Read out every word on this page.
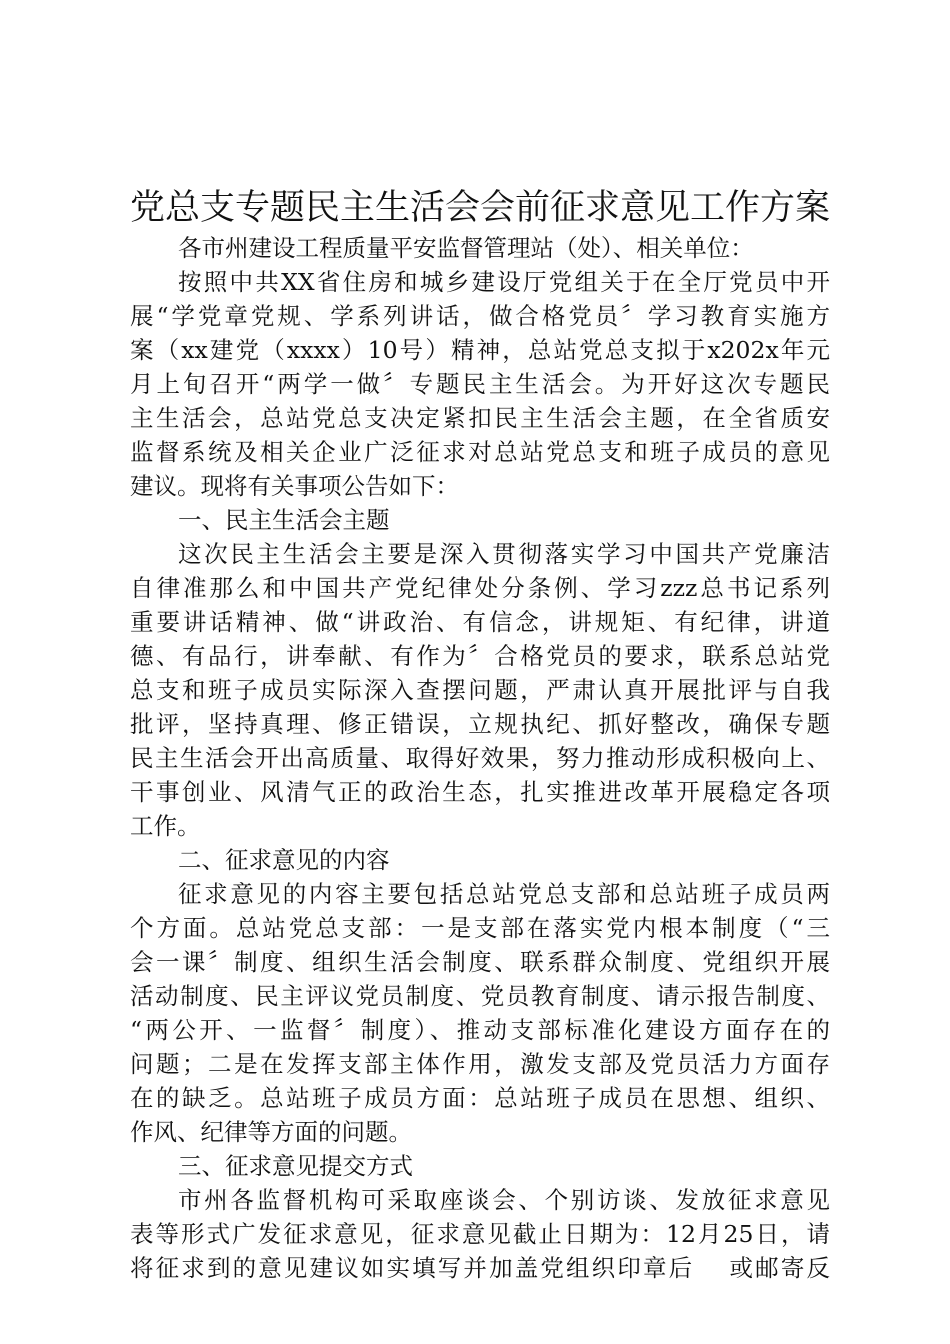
党总支专题民主生活会会前征求意见工作方案
各市州建设工程质量平安监督管理站（处）、相关单位：
按照中共XX省住房和城乡建设厅党组关于在全厅党员中开
展“学党章党规、学系列讲话，做合格党员〞学习教育实施方
案（xx建党（xxxx）10号）精神，总站党总支拟于x202x年元
月上旬召开“两学一做〞专题民主生活会。为开好这次专题民
主生活会，总站党总支决定紧扣民主生活会主题，在全省质安
监督系统及相关企业广泛征求对总站党总支和班子成员的意见
建议。现将有关事项公告如下：
一、民主生活会主题
这次民主生活会主要是深入贯彻落实学习中国共产党廉洁
自律准那么和中国共产党纪律处分条例、学习zzz总书记系列
重要讲话精神、做“讲政治、有信念，讲规矩、有纪律，讲道
德、有品行，讲奉献、有作为〞合格党员的要求，联系总站党
总支和班子成员实际深入查摆问题，严肃认真开展批评与自我
批评，坚持真理、修正错误，立规执纪、抓好整改，确保专题
民主生活会开出高质量、取得好效果，努力推动形成积极向上、
干事创业、风清气正的政治生态，扎实推进改革开展稳定各项
工作。
二、征求意见的内容
征求意见的内容主要包括总站党总支部和总站班子成员两
个方面。总站党总支部：一是支部在落实党内根本制度（“三
会一课〞制度、组织生活会制度、联系群众制度、党组织开展
活动制度、民主评议党员制度、党员教育制度、请示报告制度、
“两公开、一监督〞制度）、推动支部标准化建设方面存在的
问题；二是在发挥支部主体作用，激发支部及党员活力方面存
在的缺乏。总站班子成员方面：总站班子成员在思想、组织、
作风、纪律等方面的问题。
三、征求意见提交方式
市州各监督机构可采取座谈会、个别访谈、发放征求意见
表等形式广发征求意见，征求意见截止日期为：12月25日，请
将征求到的意见建议如实填写并加盖党组织印章后　 或邮寄反
